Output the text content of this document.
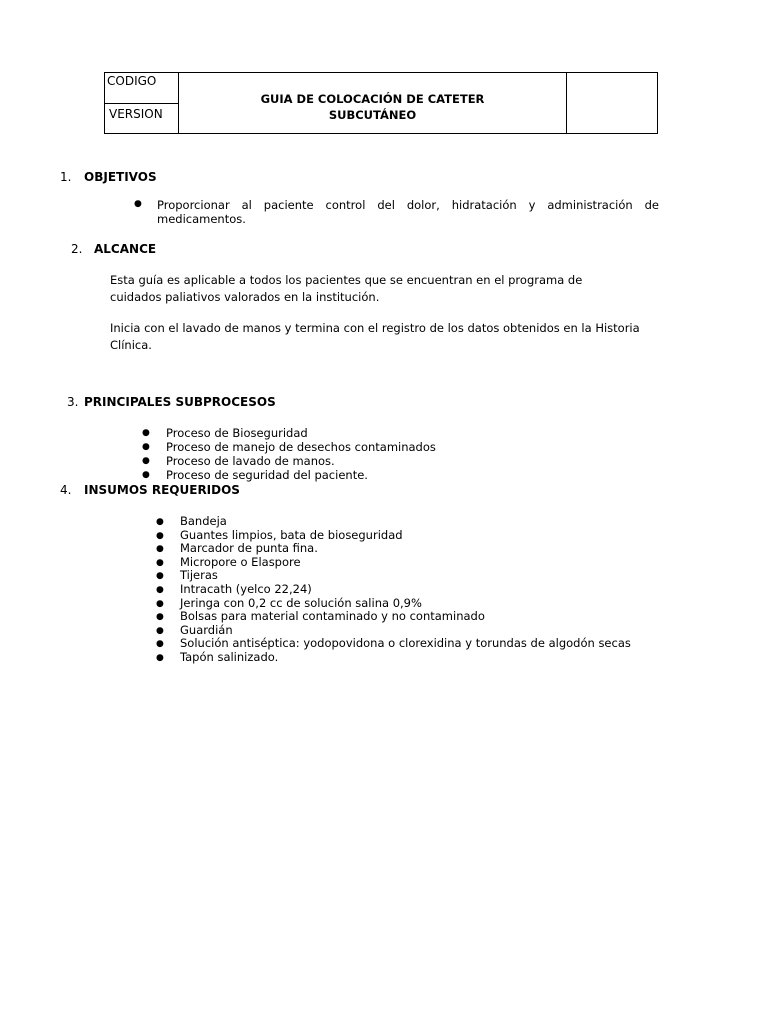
CODIGO
VERSION
GUIA DE COLOCACIÓN DE CATETER
SUBCUTÁNEO
1. OBJETIVOS
● Proporcionar al paciente control del dolor, hidratación y administración de medicamentos.
2. ALCANCE
Esta guía es aplicable a todos los pacientes que se encuentran en el programa de
cuidados paliativos valorados en la institución.
Inicia con el lavado de manos y termina con el registro de los datos obtenidos en la Historia
Clínica.
3. PRINCIPALES SUBPROCESOS
● Proceso de Bioseguridad
● Proceso de manejo de desechos contaminados
● Proceso de lavado de manos.
● Proceso de seguridad del paciente.
4. INSUMOS REQUERIDOS
● Bandeja
● Guantes limpios, bata de bioseguridad
● Marcador de punta fina.
● Micropore o Elaspore
● Tijeras
● Intracath (yelco 22,24)
● Jeringa con 0,2 cc de solución salina 0,9%
● Bolsas para material contaminado y no contaminado
● Guardián
● Solución antiséptica: yodopovidona o clorexidina y torundas de algodón secas
● Tapón salinizado.
